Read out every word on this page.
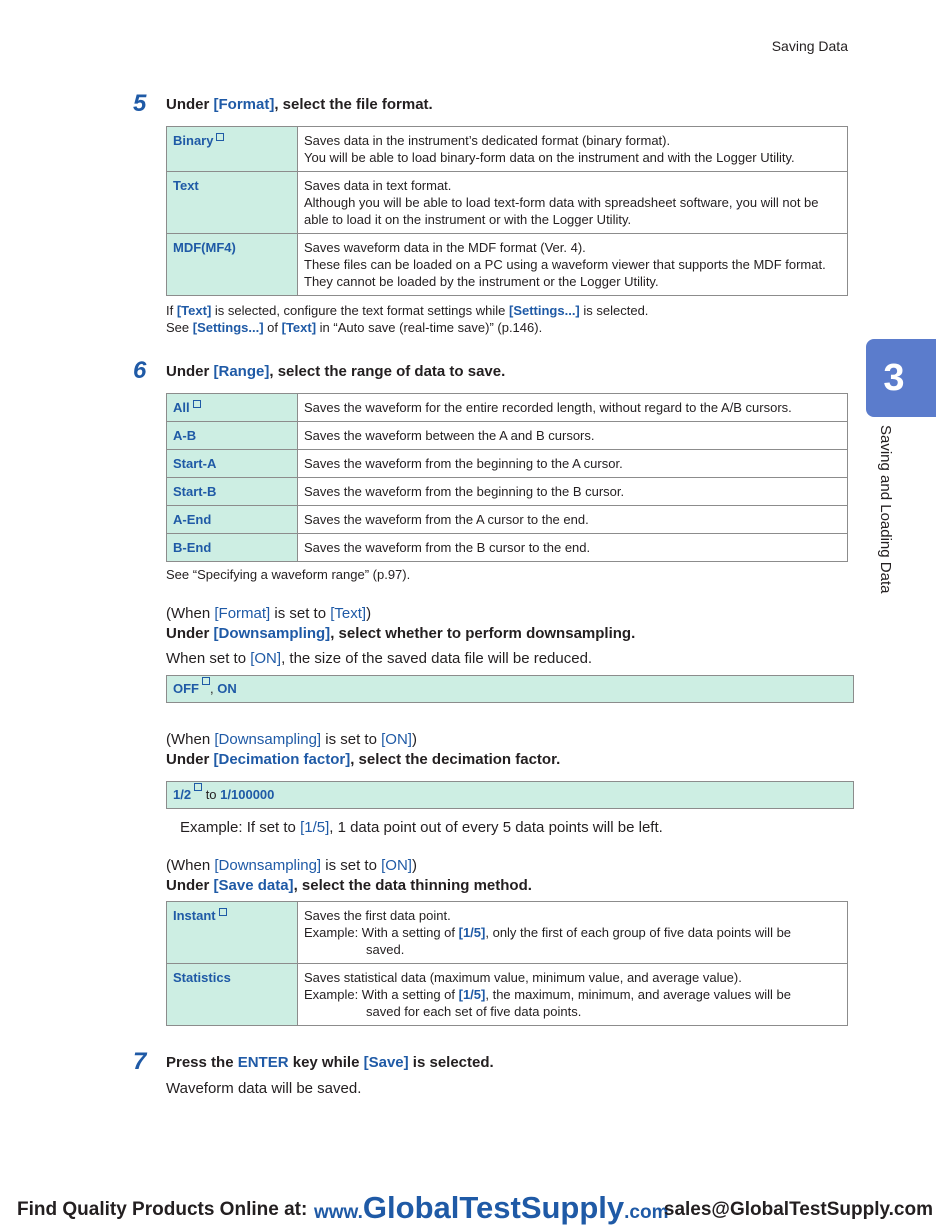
Saving Data
3
Saving and Loading Data
5 Under [Format], select the file format.
Binary	Saves data in the instrument’s dedicated format (binary format).
You will be able to load binary-form data on the instrument and with the Logger Utility.
Text	Saves data in text format.
Although you will be able to load text-form data with spreadsheet software, you will not be able to load it on the instrument or with the Logger Utility.
MDF(MF4)	Saves waveform data in the MDF format (Ver. 4).
These files can be loaded on a PC using a waveform viewer that supports the MDF format. They cannot be loaded by the instrument or the Logger Utility.
If [Text] is selected, configure the text format settings while [Settings...] is selected.
See [Settings...] of [Text] in “Auto save (real-time save)” (p.146).
6 Under [Range], select the range of data to save.
All	Saves the waveform for the entire recorded length, without regard to the A/B cursors.
A-B	Saves the waveform between the A and B cursors.
Start-A	Saves the waveform from the beginning to the A cursor.
Start-B	Saves the waveform from the beginning to the B cursor.
A-End	Saves the waveform from the A cursor to the end.
B-End	Saves the waveform from the B cursor to the end.
See “Specifying a waveform range” (p.97).
(When [Format] is set to [Text])
Under [Downsampling], select whether to perform downsampling.
When set to [ON], the size of the saved data file will be reduced.
OFF , ON
(When [Downsampling] is set to [ON])
Under [Decimation factor], select the decimation factor.
1/2 to 1/100000
Example: If set to [1/5], 1 data point out of every 5 data points will be left.
(When [Downsampling] is set to [ON])
Under [Save data], select the data thinning method.
Instant	Saves the first data point.
Example: With a setting of [1/5], only the first of each group of five data points will be
saved.

Statistics	Saves statistical data (maximum value, minimum value, and average value).
Example: With a setting of [1/5], the maximum, minimum, and average values will be
saved for each set of five data points.
7 Press the ENTER key while [Save] is selected.
Waveform data will be saved.
Find Quality Products Online at: www.GlobalTestSupply.com
sales@GlobalTestSupply.com
